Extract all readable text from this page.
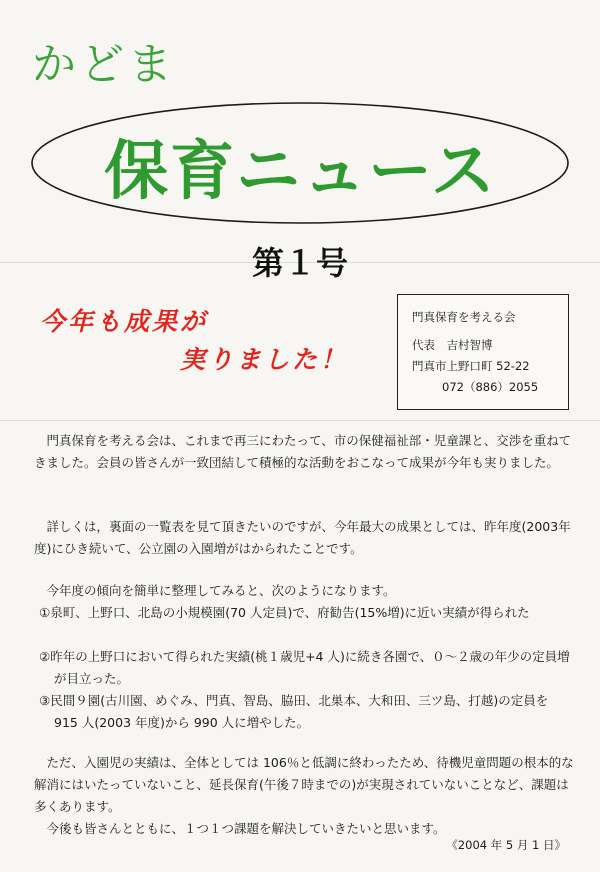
かどま
保育ニュース
第１号
今年も成果が
実りました！
門真保育を考える会
代表　吉村智博
門真市上野口町 52-22
072（886）2055
門真保育を考える会は、これまで再三にわたって、市の保健福祉部・児童課と、交渉を重ねてきました。会員の皆さんが一致団結して積極的な活動をおこなって成果が今年も実りました。
詳しくは，裏面の一覧表を見て頂きたいのですが、今年最大の成果としては、昨年度(2003年度)にひき続いて、公立園の入園増がはかられたことです。
今年度の傾向を簡単に整理してみると、次のようになります。
①泉町、上野口、北島の小規模園(70 人定員)で、府勧告(15%増)に近い実績が得られた
②昨年の上野口において得られた実績(桃１歳児+4 人)に続き各園で、０～２歳の年少の定員増が目立った。
③民間９園(古川園、めぐみ、門真、智島、脇田、北巣本、大和田、三ツ島、打越)の定員を 915 人(2003 年度)から 990 人に増やした。
ただ、入園児の実績は、全体としては 106％と低調に終わったため、待機児童問題の根本的な解消にはいたっていないこと、延長保育(午後７時までの)が実現されていないことなど、課題は多くあります。
今後も皆さんとともに、１つ１つ課題を解決していきたいと思います。
《2004 年 5 月 1 日》
